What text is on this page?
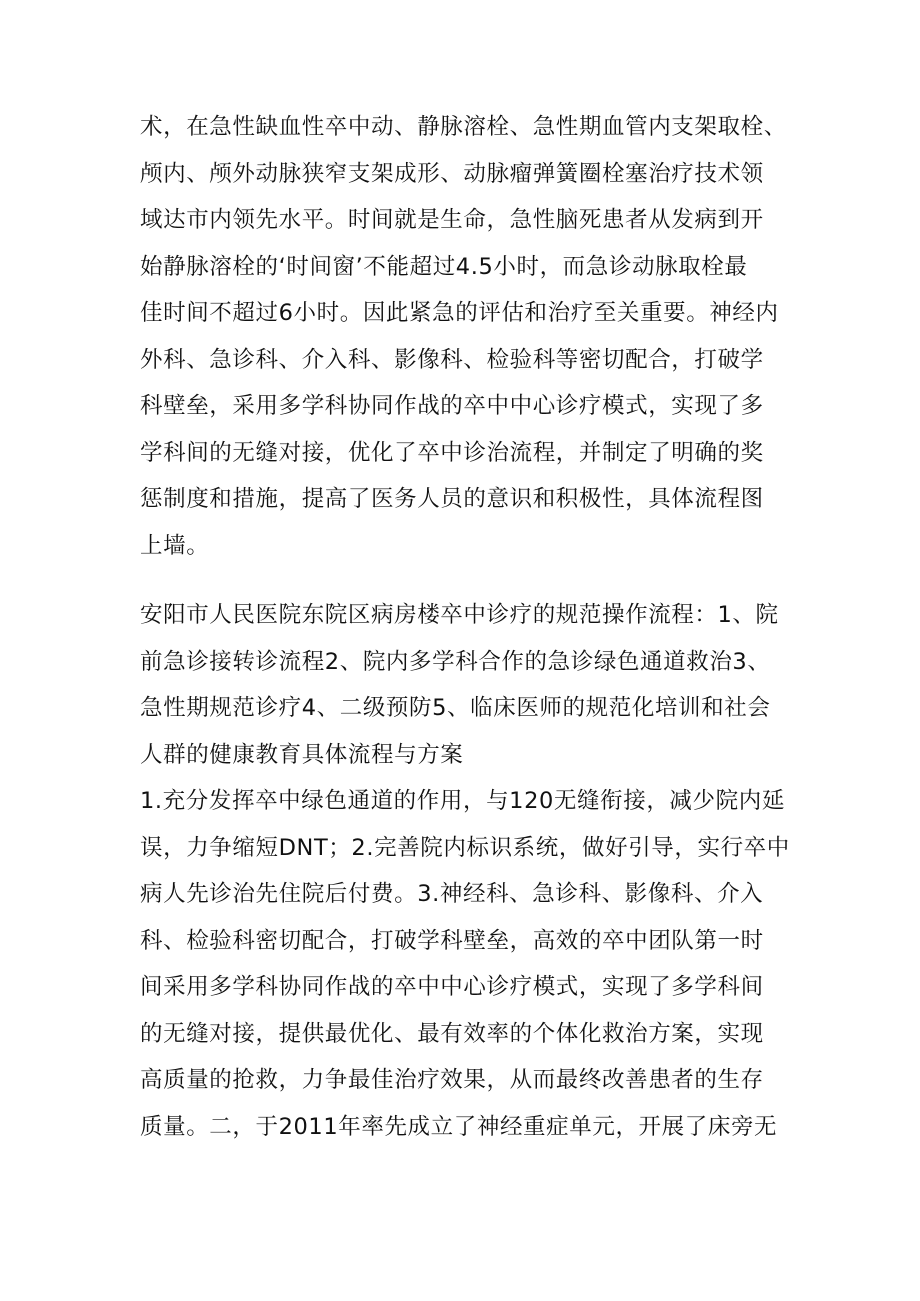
术，在急性缺血性卒中动、静脉溶栓、急性期血管内支架取栓、
颅内、颅外动脉狭窄支架成形、动脉瘤弹簧圈栓塞治疗技术领
域达市内领先水平。时间就是生命，急性脑死患者从发病到开
始静脉溶栓的‘时间窗’不能超过4.5小时，而急诊动脉取栓最
佳时间不超过6小时。因此紧急的评估和治疗至关重要。神经内
外科、急诊科、介入科、影像科、检验科等密切配合，打破学
科壁垒，采用多学科协同作战的卒中中心诊疗模式，实现了多
学科间的无缝对接，优化了卒中诊治流程，并制定了明确的奖
惩制度和措施，提高了医务人员的意识和积极性，具体流程图
上墙。
安阳市人民医院东院区病房楼卒中诊疗的规范操作流程：1、院
前急诊接转诊流程2、院内多学科合作的急诊绿色通道救治3、
急性期规范诊疗4、二级预防5、临床医师的规范化培训和社会
人群的健康教育具体流程与方案
1.充分发挥卒中绿色通道的作用，与120无缝衔接，减少院内延
误，力争缩短DNT；2.完善院内标识系统，做好引导，实行卒中
病人先诊治先住院后付费。3.神经科、急诊科、影像科、介入
科、检验科密切配合，打破学科壁垒，高效的卒中团队第一时
间采用多学科协同作战的卒中中心诊疗模式，实现了多学科间
的无缝对接，提供最优化、最有效率的个体化救治方案，实现
高质量的抢救，力争最佳治疗效果，从而最终改善患者的生存
质量。二，于2011年率先成立了神经重症单元，开展了床旁无
